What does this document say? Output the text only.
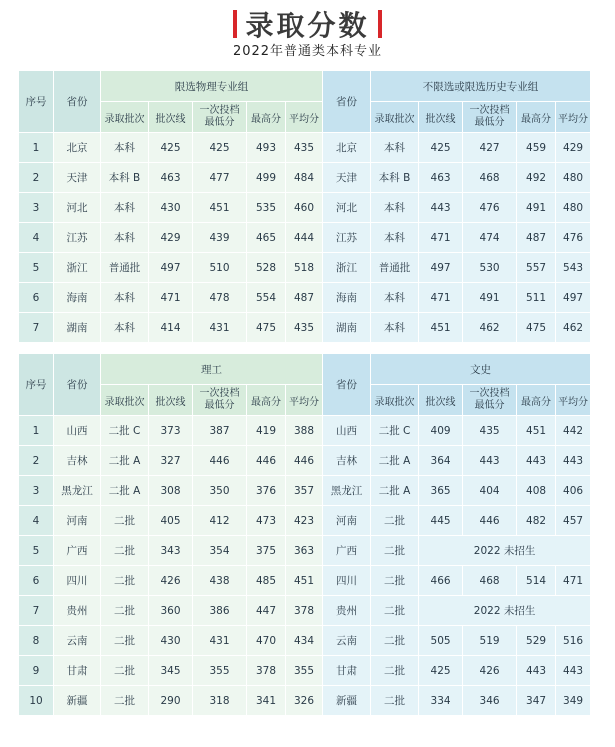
录取分数
2022年普通类本科专业
序号	省份	限选物理专业组					省份	不限选或限选历史专业组				
		录取批次	批次线	一次投档
最低分	最高分	平均分		录取批次	批次线	一次投档
最低分	最高分	平均分
1	北京	本科	425	425	493	435	北京	本科	425	427	459	429
2	天津	本科 B	463	477	499	484	天津	本科 B	463	468	492	480
3	河北	本科	430	451	535	460	河北	本科	443	476	491	480
4	江苏	本科	429	439	465	444	江苏	本科	471	474	487	476
5	浙江	普通批	497	510	528	518	浙江	普通批	497	530	557	543
6	海南	本科	471	478	554	487	海南	本科	471	491	511	497
7	湖南	本科	414	431	475	435	湖南	本科	451	462	475	462
序号	省份	理工					省份	文史				
		录取批次	批次线	一次投档
最低分	最高分	平均分		录取批次	批次线	一次投档
最低分	最高分	平均分
1	山西	二批 C	373	387	419	388	山西	二批 C	409	435	451	442
2	吉林	二批 A	327	446	446	446	吉林	二批 A	364	443	443	443
3	黑龙江	二批 A	308	350	376	357	黑龙江	二批 A	365	404	408	406
4	河南	二批	405	412	473	423	河南	二批	445	446	482	457
5	广西	二批	343	354	375	363	广西	二批	2022 未招生			
6	四川	二批	426	438	485	451	四川	二批	466	468	514	471
7	贵州	二批	360	386	447	378	贵州	二批	2022 未招生			
8	云南	二批	430	431	470	434	云南	二批	505	519	529	516
9	甘肃	二批	345	355	378	355	甘肃	二批	425	426	443	443
10	新疆	二批	290	318	341	326	新疆	二批	334	346	347	349
